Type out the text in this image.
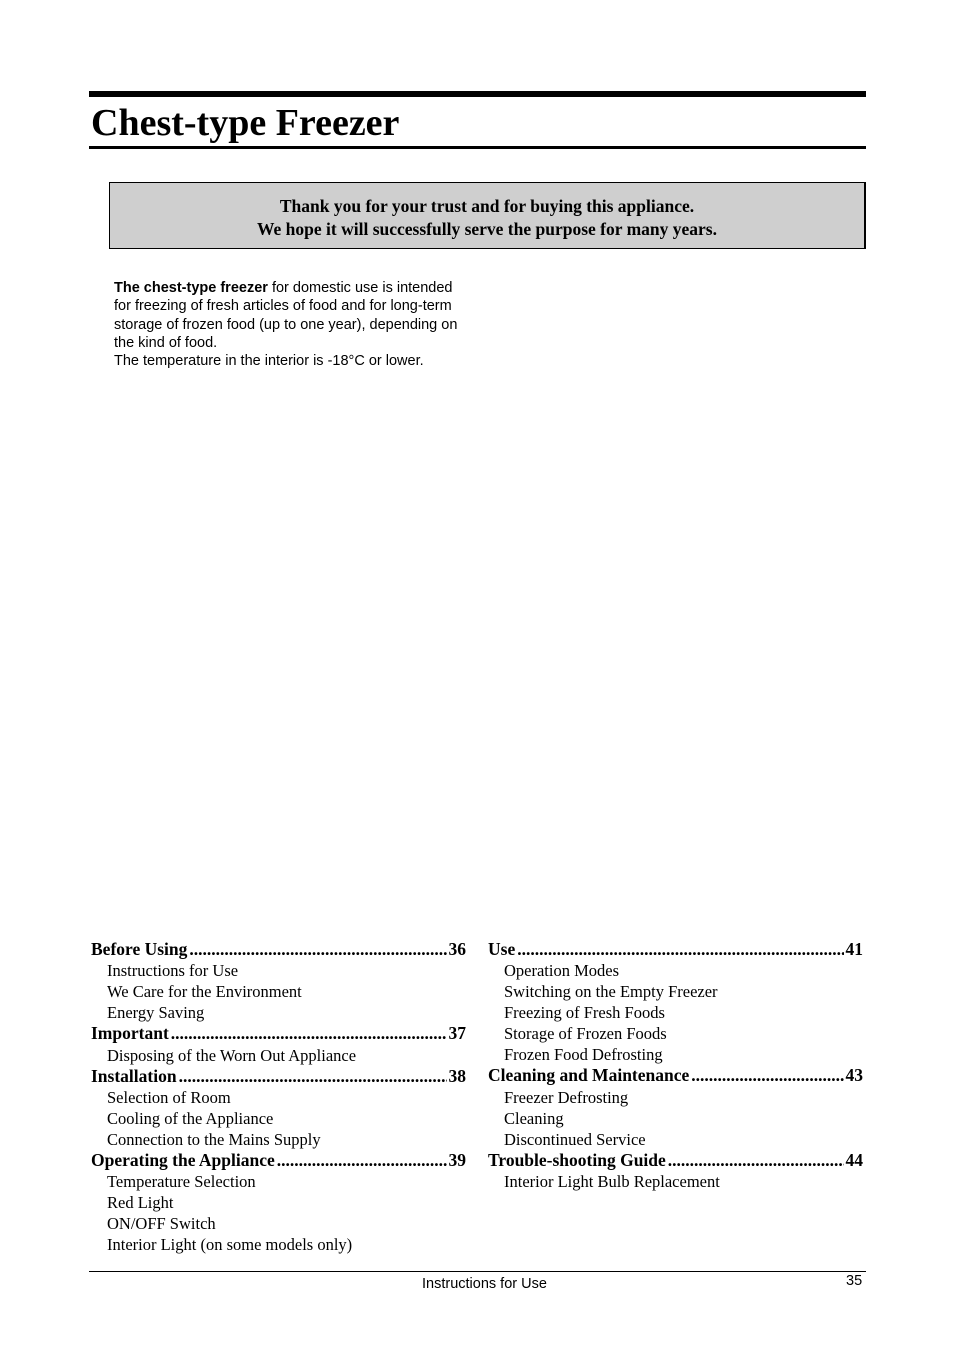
Chest-type Freezer
Thank you for your trust and for buying this appliance.
We hope it will successfully serve the purpose for many years.

The chest-type freezer for domestic use is intended for freezing of fresh articles of food and for long-term storage of frozen food (up to one year), depending on the kind of food.

The temperature in the interior is -18°C or lower.

Before Using .....	36
Instructions for Use
We Care for the Environment
Energy Saving
Important .....	37
Disposing of the Worn Out Appliance
Installation .....	38
Selection of Room
Cooling of the Appliance
Connection to the Mains Supply
Operating the Appliance .....	39
Temperature Selection
Red Light
ON/OFF Switch
Interior Light (on some models only)
Use .....	41
Operation Modes
Switching on the Empty Freezer
Freezing of Fresh Foods
Storage of Frozen Foods
Frozen Food Defrosting
Cleaning and Maintenance .....	43
Freezer Defrosting
Cleaning
Discontinued Service
Trouble-shooting Guide .....	44
Interior Light Bulb Replacement
Instructions for Use	35
